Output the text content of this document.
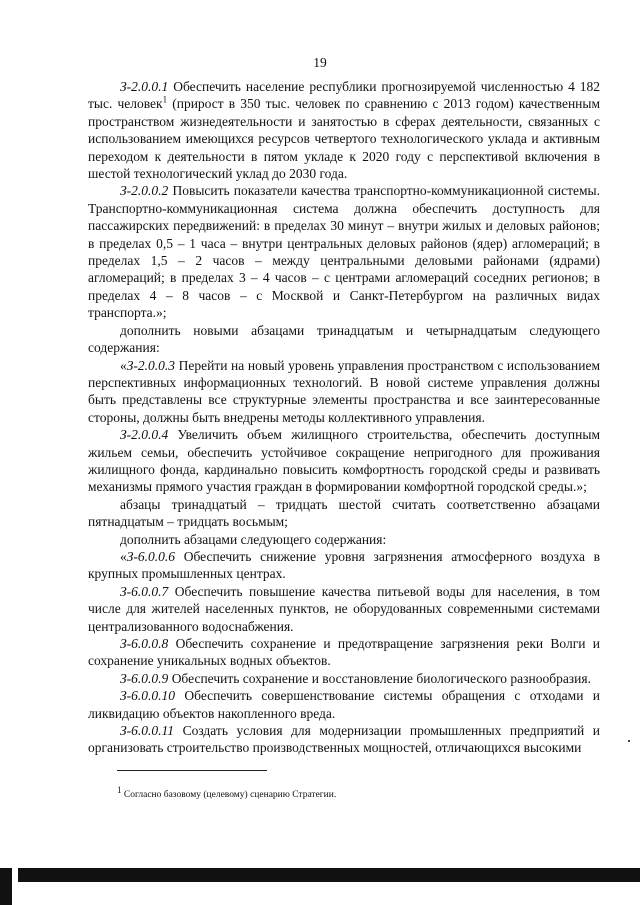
19

З-2.0.0.1 Обеспечить население республики прогнозируемой численностью 4 182 тыс. человек$^1$ (прирост в 350 тыс. человек по сравнению с 2013 годом) качественным пространством жизнедеятельности и занятостью в сферах деятельности, связанных с использованием имеющихся ресурсов четвертого технологического уклада и активным переходом к деятельности в пятом укладе к 2020 году с перспективой включения в шестой технологический уклад до 2030 года.

З-2.0.0.2 Повысить показатели качества транспортно-коммуникационной системы. Транспортно-коммуникационная система должна обеспечить доступность для пассажирских передвижений: в пределах 30 минут – внутри жилых и деловых районов; в пределах 0,5 – 1 часа – внутри центральных деловых районов (ядер) агломераций; в пределах 1,5 – 2 часов – между центральными деловыми районами (ядрами) агломераций; в пределах 3 – 4 часов – с центрами агломераций соседних регионов; в пределах 4 – 8 часов – с Москвой и Санкт-Петербургом на различных видах транспорта.»;

дополнить новыми абзацами тринадцатым и четырнадцатым следующего содержания:

«З-2.0.0.3 Перейти на новый уровень управления пространством с использованием перспективных информационных технологий. В новой системе управления должны быть представлены все структурные элементы пространства и все заинтересованные стороны, должны быть внедрены методы коллективного управления.

З-2.0.0.4 Увеличить объем жилищного строительства, обеспечить доступным жильем семьи, обеспечить устойчивое сокращение непригодного для проживания жилищного фонда, кардинально повысить комфортность городской среды и развивать механизмы прямого участия граждан в формировании комфортной городской среды.»;

абзацы тринадцатый – тридцать шестой считать соответственно абзацами пятнадцатым – тридцать восьмым;

дополнить абзацами следующего содержания:

«З-6.0.0.6 Обеспечить снижение уровня загрязнения атмосферного воздуха в крупных промышленных центрах.

З-6.0.0.7 Обеспечить повышение качества питьевой воды для населения, в том числе для жителей населенных пунктов, не оборудованных современными системами централизованного водоснабжения.

З-6.0.0.8 Обеспечить сохранение и предотвращение загрязнения реки Волги и сохранение уникальных водных объектов.

З-6.0.0.9 Обеспечить сохранение и восстановление биологического разнообразия.

З-6.0.0.10 Обеспечить совершенствование системы обращения с отходами и ликвидацию объектов накопленного вреда.

З-6.0.0.11 Создать условия для модернизации промышленных предприятий и организовать строительство производственных мощностей, отличающихся высокими

$^1$ Согласно базовому (целевому) сценарию Стратегии.
